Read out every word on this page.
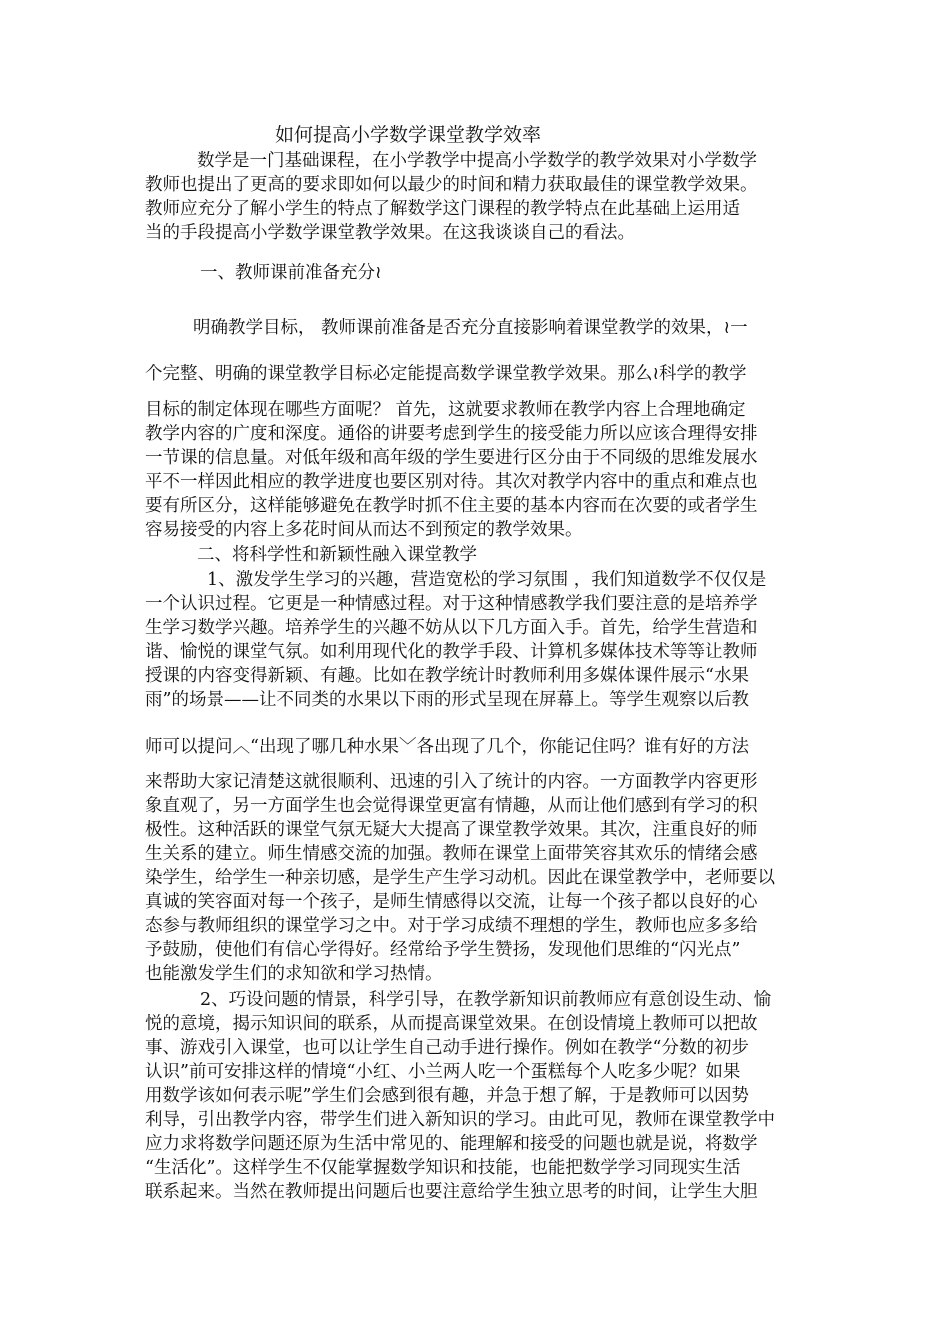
如何提高小学数学课堂教学效率
数学是一门基础课程，在小学教学中提高小学数学的教学效果对小学数学
教师也提出了更高的要求即如何以最少的时间和精力获取最佳的课堂教学效果。
教师应充分了解小学生的特点了解数学这门课程的教学特点在此基础上运用适
当的手段提高小学数学课堂教学效果。在这我谈谈自己的看法。
一、教师课前准备充分≀
明确教学目标， 教师课前准备是否充分直接影响着课堂教学的效果，≀一
个完整、明确的课堂教学目标必定能提高数学课堂教学效果。那么≀科学的教学
目标的制定体现在哪些方面呢？ 首先，这就要求教师在教学内容上合理地确定
教学内容的广度和深度。通俗的讲要考虑到学生的接受能力所以应该合理得安排
一节课的信息量。对低年级和高年级的学生要进行区分由于不同级的思维发展水
平不一样因此相应的教学进度也要区别对待。其次对教学内容中的重点和难点也
要有所区分，这样能够避免在教学时抓不住主要的基本内容而在次要的或者学生
容易接受的内容上多花时间从而达不到预定的教学效果。
二、将科学性和新颖性融入课堂教学
1、激发学生学习的兴趣，营造宽松的学习氛围 ，我们知道数学不仅仅是
一个认识过程。它更是一种情感过程。对于这种情感教学我们要注意的是培养学
生学习数学兴趣。培养学生的兴趣不妨从以下几方面入手。首先，给学生营造和
谐、愉悦的课堂气氛。如利用现代化的教学手段、计算机多媒体技术等等让教师
授课的内容变得新颖、有趣。比如在教学统计时教师利用多媒体课件展示“水果
雨”的场景——让不同类的水果以下雨的形式呈现在屏幕上。等学生观察以后教
师可以提问︿“出现了哪几种水果﹀各出现了几个，你能记住吗？谁有好的方法
来帮助大家记清楚这就很顺利、迅速的引入了统计的内容。一方面教学内容更形
象直观了，另一方面学生也会觉得课堂更富有情趣，从而让他们感到有学习的积
极性。这种活跃的课堂气氛无疑大大提高了课堂教学效果。其次，注重良好的师
生关系的建立。师生情感交流的加强。教师在课堂上面带笑容其欢乐的情绪会感
染学生，给学生一种亲切感，是学生产生学习动机。因此在课堂教学中，老师要以
真诚的笑容面对每一个孩子，是师生情感得以交流，让每一个孩子都以良好的心
态参与教师组织的课堂学习之中。对于学习成绩不理想的学生，教师也应多多给
予鼓励，使他们有信心学得好。经常给予学生赞扬，发现他们思维的“闪光点”
也能激发学生们的求知欲和学习热情。
2、巧设问题的情景，科学引导，在教学新知识前教师应有意创设生动、愉
悦的意境，揭示知识间的联系，从而提高课堂效果。在创设情境上教师可以把故
事、游戏引入课堂，也可以让学生自己动手进行操作。例如在教学“分数的初步
认识”前可安排这样的情境“小红、小兰两人吃一个蛋糕每个人吃多少呢？如果
用数学该如何表示呢”学生们会感到很有趣，并急于想了解，于是教师可以因势
利导，引出教学内容，带学生们进入新知识的学习。由此可见，教师在课堂教学中
应力求将数学问题还原为生活中常见的、能理解和接受的问题也就是说，将数学
“生活化”。这样学生不仅能掌握数学知识和技能，也能把数学学习同现实生活
联系起来。当然在教师提出问题后也要注意给学生独立思考的时间，让学生大胆
